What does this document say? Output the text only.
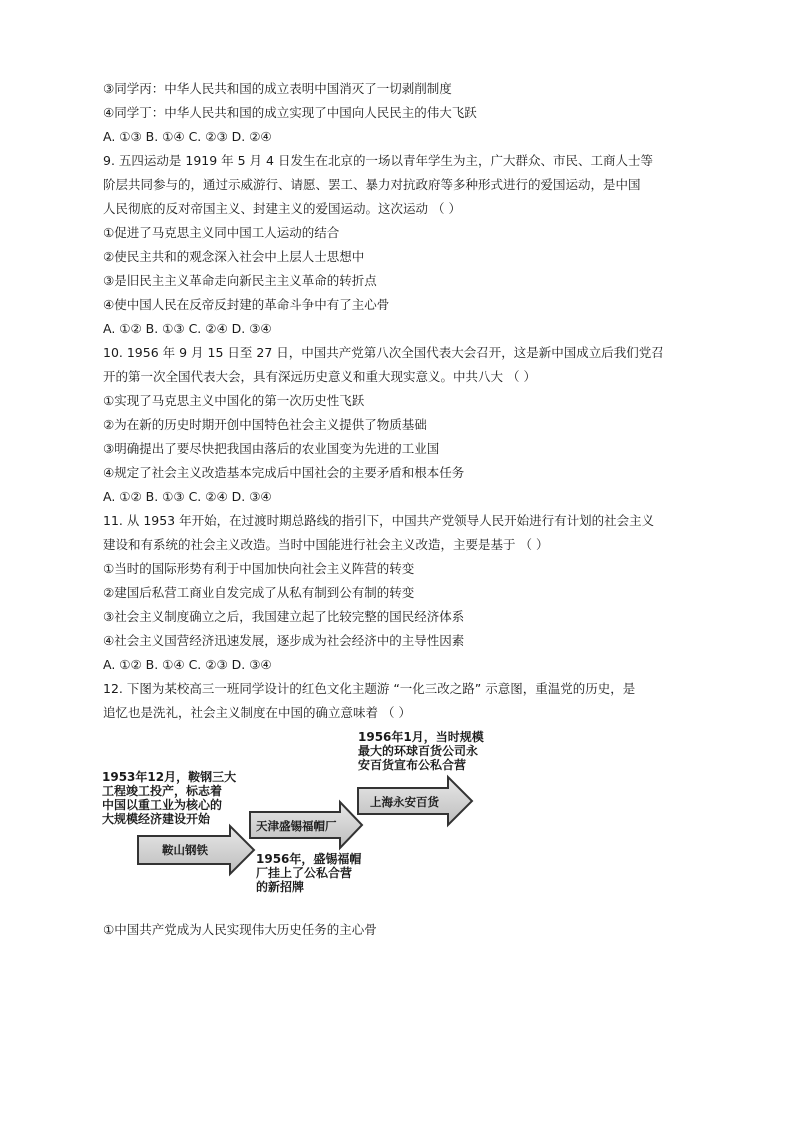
③同学丙：中华人民共和国的成立表明中国消灭了一切剥削制度
④同学丁：中华人民共和国的成立实现了中国向人民民主的伟大飞跃
A. ①③ B. ①④ C. ②③ D. ②④
9. 五四运动是 1919 年 5 月 4 日发生在北京的一场以青年学生为主，广大群众、市民、工商人士等
阶层共同参与的，通过示威游行、请愿、罢工、暴力对抗政府等多种形式进行的爱国运动，是中国
人民彻底的反对帝国主义、封建主义的爱国运动。这次运动 （ ）
①促进了马克思主义同中国工人运动的结合
②使民主共和的观念深入社会中上层人士思想中
③是旧民主主义革命走向新民主主义革命的转折点
④使中国人民在反帝反封建的革命斗争中有了主心骨
A. ①② B. ①③ C. ②④ D. ③④
10. 1956 年 9 月 15 日至 27 日，中国共产党第八次全国代表大会召开，这是新中国成立后我们党召
开的第一次全国代表大会，具有深远历史意义和重大现实意义。中共八大 （ ）
①实现了马克思主义中国化的第一次历史性飞跃
②为在新的历史时期开创中国特色社会主义提供了物质基础
③明确提出了要尽快把我国由落后的农业国变为先进的工业国
④规定了社会主义改造基本完成后中国社会的主要矛盾和根本任务
A. ①② B. ①③ C. ②④ D. ③④
11. 从 1953 年开始，在过渡时期总路线的指引下，中国共产党领导人民开始进行有计划的社会主义
建设和有系统的社会主义改造。当时中国能进行社会主义改造，主要是基于 （ ）
①当时的国际形势有利于中国加快向社会主义阵营的转变
②建国后私营工商业自发完成了从私有制到公有制的转变
③社会主义制度确立之后，我国建立起了比较完整的国民经济体系
④社会主义国营经济迅速发展，逐步成为社会经济中的主导性因素
A. ①② B. ①④ C. ②③ D. ③④
12. 下图为某校高三一班同学设计的红色文化主题游 “一化三改之路” 示意图，重温党的历史，是
追忆也是洗礼，社会主义制度在中国的确立意味着 （ ）
1953年12月，鞍钢三大
工程竣工投产，标志着
中国以重工业为核心的
大规模经济建设开始
鞍山钢铁
天津盛锡福帽厂
上海永安百货
1956年，盛锡福帽
厂挂上了公私合营
的新招牌
1956年1月，当时规模
最大的环球百货公司永
安百货宣布公私合营
①中国共产党成为人民实现伟大历史任务的主心骨
